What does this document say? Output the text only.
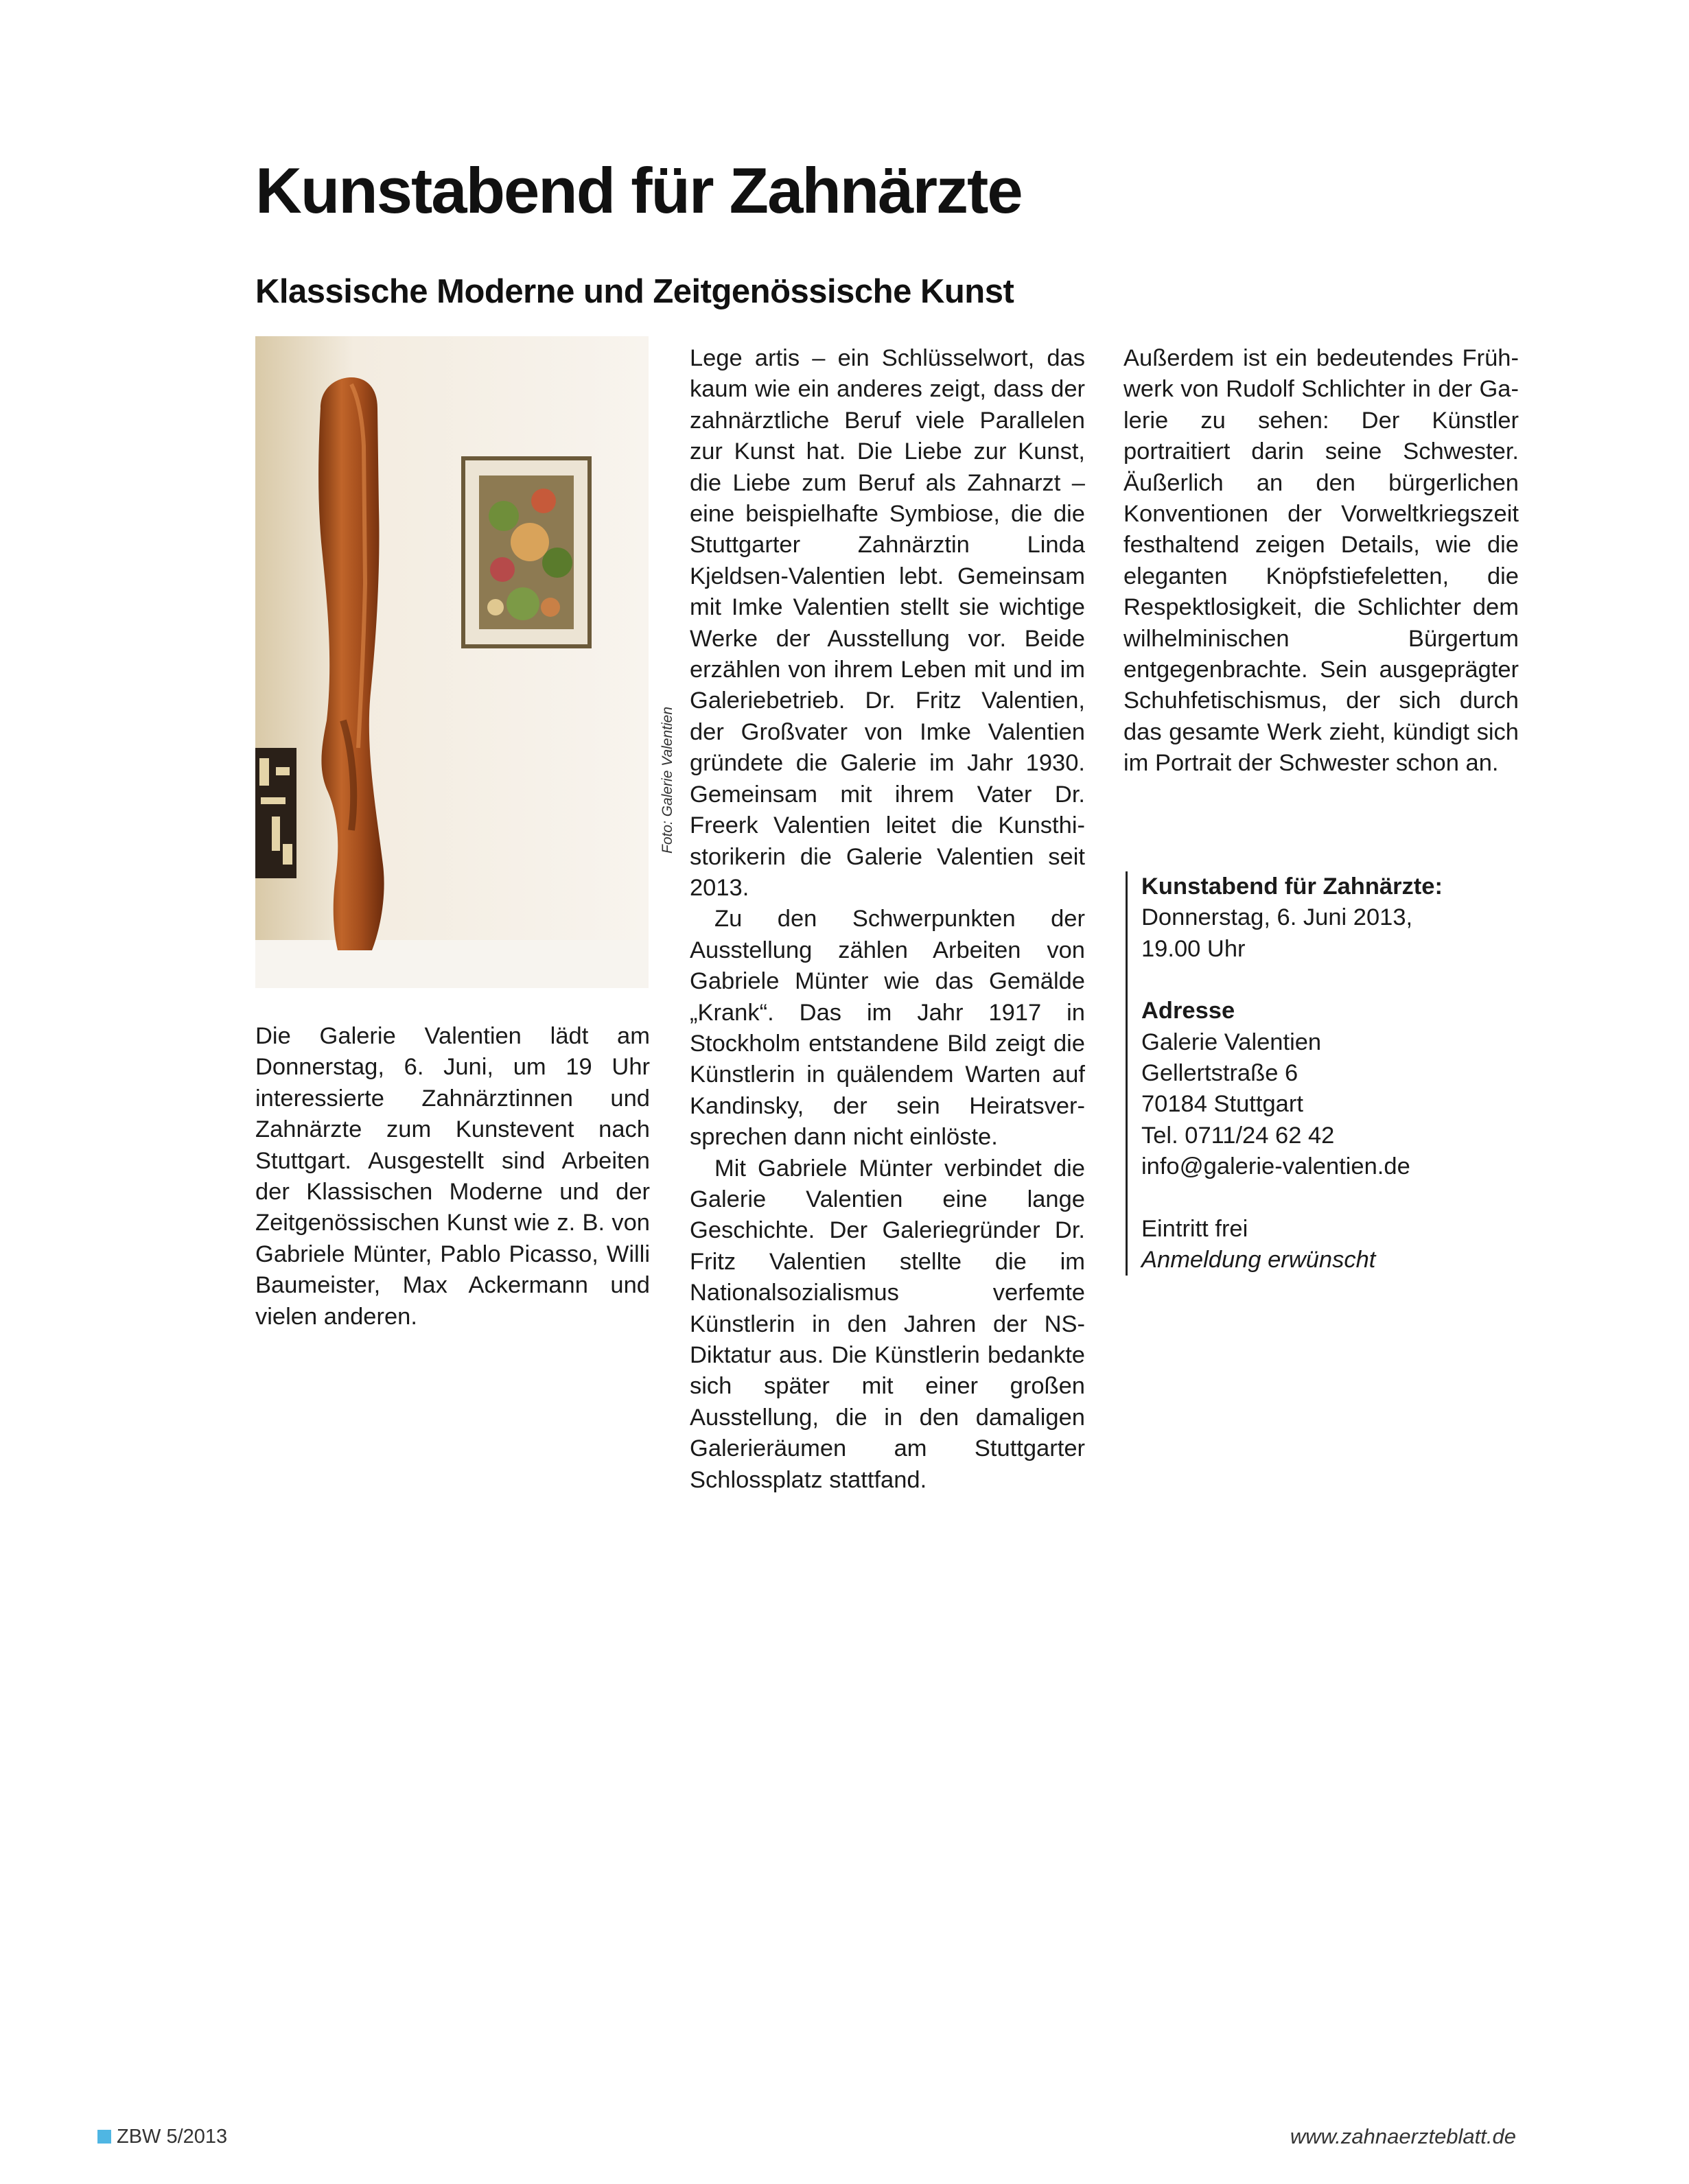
Kunstabend für Zahnärzte
Klassische Moderne und Zeitgenössische Kunst
Foto: Galerie Valentien

Die Galerie Valentien lädt am Donnerstag, 6. Juni, um 19 Uhr interessierte Zahnärztinnen und Zahnärzte zum Kunstevent nach Stuttgart. Ausgestellt sind Arbeiten der Klassischen Moderne und der Zeitgenössischen Kunst wie z. B. von Gabriele Münter, Pablo Picasso, Willi Baumeister, Max Ackermann und vielen anderen.

Lege artis – ein Schlüsselwort, das kaum wie ein anderes zeigt, dass der zahnärztliche Beruf viele Parallelen zur Kunst hat. Die Liebe zur Kunst, die Liebe zum Beruf als Zahnarzt – eine beispielhafte Symbiose, die die Stuttgarter Zahnärztin Linda Kjeldsen-Valentien lebt. Gemeinsam mit Imke Valentien stellt sie wichtige Werke der Ausstellung vor. Beide erzählen von ihrem Leben mit und im Galeriebetrieb. Dr. Fritz Valentien, der Großvater von Imke Valentien gründete die Galerie im Jahr 1930. Gemeinsam mit ihrem Vater Dr. Freerk Valentien leitet die Kunsthistorikerin die Galerie Valentien seit 2013.

Zu den Schwerpunkten der Ausstellung zählen Arbeiten von Gabriele Münter wie das Gemälde „Krank“. Das im Jahr 1917 in Stockholm entstandene Bild zeigt die Künstlerin in quälendem Warten auf Kandinsky, der sein Heiratsversprechen dann nicht einlöste.

Mit Gabriele Münter verbindet die Galerie Valentien eine lange Geschichte. Der Galeriegründer Dr. Fritz Valentien stellte die im Nationalsozialismus verfemte Künstlerin in den Jahren der NS-Diktatur aus. Die Künstlerin bedankte sich später mit einer großen Ausstellung, die in den damaligen Galerieräumen am Stuttgarter Schlossplatz stattfand.

Außerdem ist ein bedeutendes Frühwerk von Rudolf Schlichter in der Galerie zu sehen: Der Künstler portraitiert darin seine Schwester. Äußerlich an den bürgerlichen Konventionen der Vorweltkriegszeit festhaltend zeigen Details, wie die eleganten Knöpfstiefeletten, die Respektlosigkeit, die Schlichter dem wilhelminischen Bürgertum entgegenbrachte. Sein ausgeprägter Schuhfetischismus, der sich durch das gesamte Werk zieht, kündigt sich im Portrait der Schwester schon an.

Kunstabend für Zahnärzte:
Donnerstag, 6. Juni 2013,
19.00 Uhr
Adresse
Galerie Valentien
Gellertstraße 6
70184 Stuttgart
Tel. 0711/24 62 42
info@galerie-valentien.de
Eintritt frei
Anmeldung erwünscht
ZBW 5/2013	www.zahnaerzteblatt.de
